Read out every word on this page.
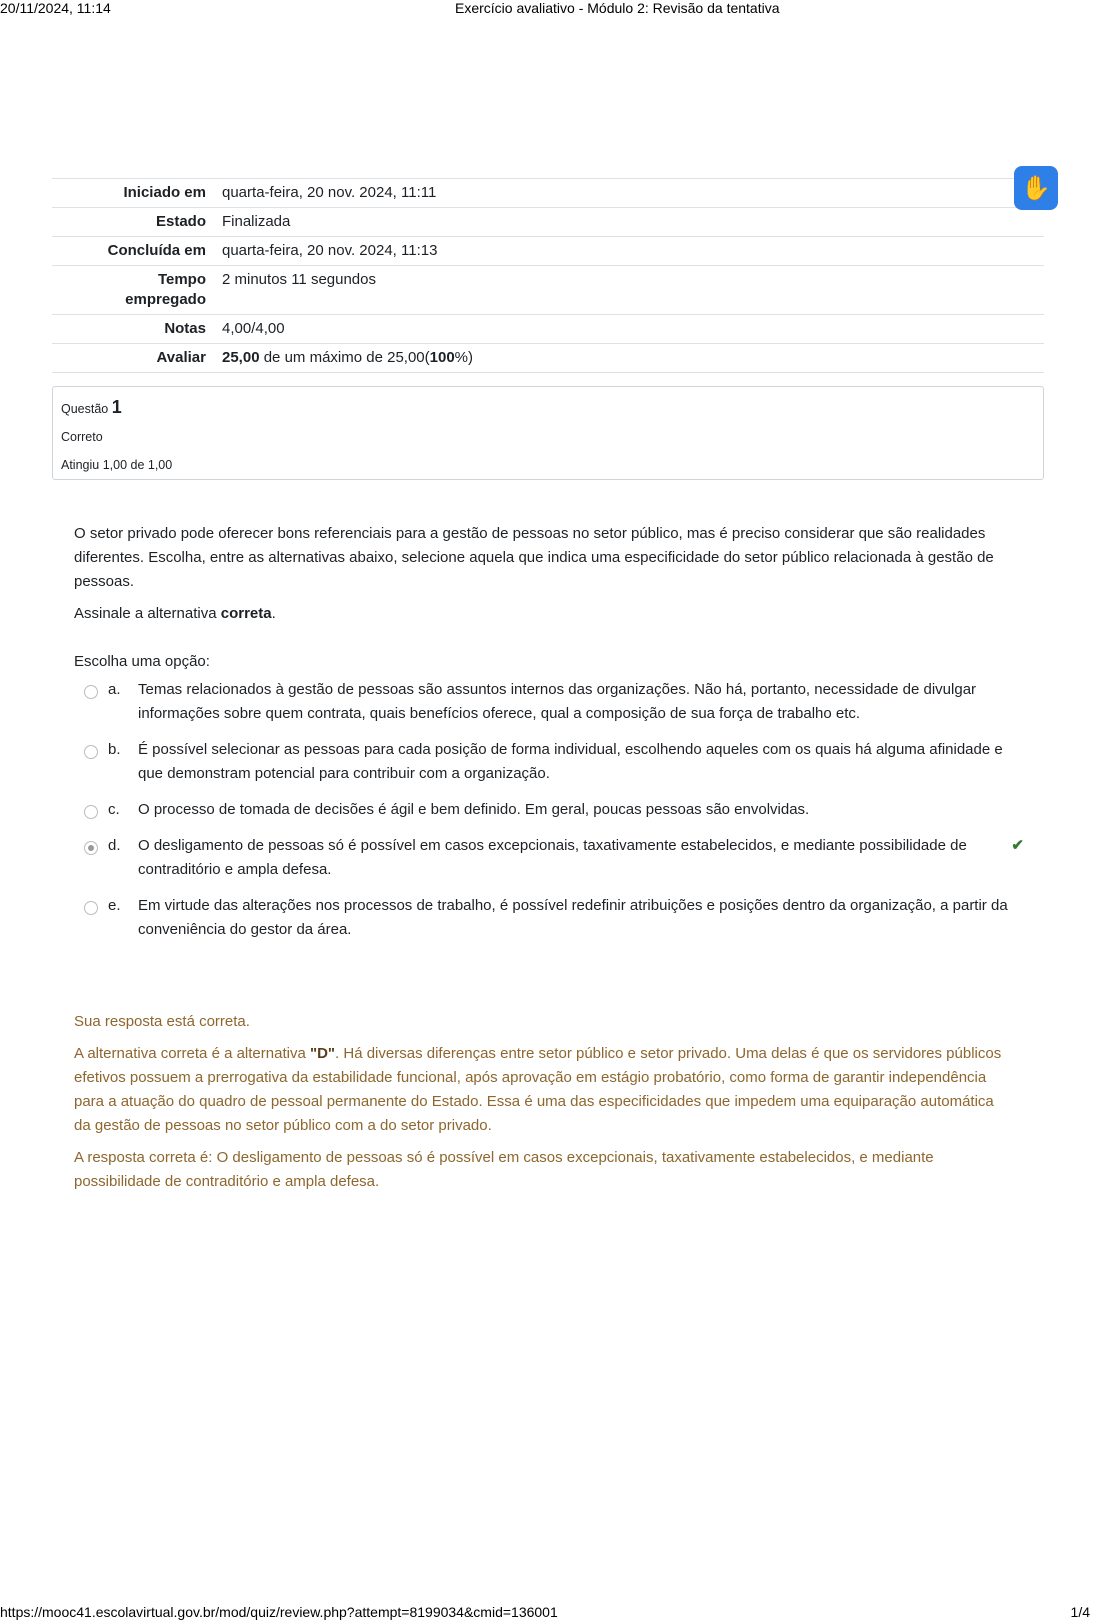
20/11/2024, 11:14	Exercício avaliativo - Módulo 2: Revisão da tentativa
Iniciado em	quarta-feira, 20 nov. 2024, 11:11
Estado	Finalizada
Concluída em	quarta-feira, 20 nov. 2024, 11:13
Tempo empregado	2 minutos 11 segundos
Notas	4,00/4,00
Avaliar	25,00 de um máximo de 25,00(100%)
✋
Questão 1
Correto
Atingiu 1,00 de 1,00

O setor privado pode oferecer bons referenciais para a gestão de pessoas no setor público, mas é preciso considerar que são realidades diferentes. Escolha, entre as alternativas abaixo, selecione aquela que indica uma especificidade do setor público relacionada à gestão de pessoas.

Assinale a alternativa correta.

Escolha uma opção:
a.	Temas relacionados à gestão de pessoas são assuntos internos das organizações. Não há, portanto, necessidade de divulgar informações sobre quem contrata, quais benefícios oferece, qual a composição de sua força de trabalho etc.
b.	É possível selecionar as pessoas para cada posição de forma individual, escolhendo aqueles com os quais há alguma afinidade e que demonstram potencial para contribuir com a organização.
c.	O processo de tomada de decisões é ágil e bem definido. Em geral, poucas pessoas são envolvidas.
d.	O desligamento de pessoas só é possível em casos excepcionais, taxativamente estabelecidos, e mediante possibilidade de contraditório e ampla defesa.
✔
e.	Em virtude das alterações nos processos de trabalho, é possível redefinir atribuições e posições dentro da organização, a partir da conveniência do gestor da área.

Sua resposta está correta.

A alternativa correta é a alternativa "D". Há diversas diferenças entre setor público e setor privado. Uma delas é que os servidores públicos efetivos possuem a prerrogativa da estabilidade funcional, após aprovação em estágio probatório, como forma de garantir independência para a atuação do quadro de pessoal permanente do Estado. Essa é uma das especificidades que impedem uma equiparação automática da gestão de pessoas no setor público com a do setor privado.

A resposta correta é: O desligamento de pessoas só é possível em casos excepcionais, taxativamente estabelecidos, e mediante possibilidade de contraditório e ampla defesa.

https://mooc41.escolavirtual.gov.br/mod/quiz/review.php?attempt=8199034&cmid=136001	1/4
